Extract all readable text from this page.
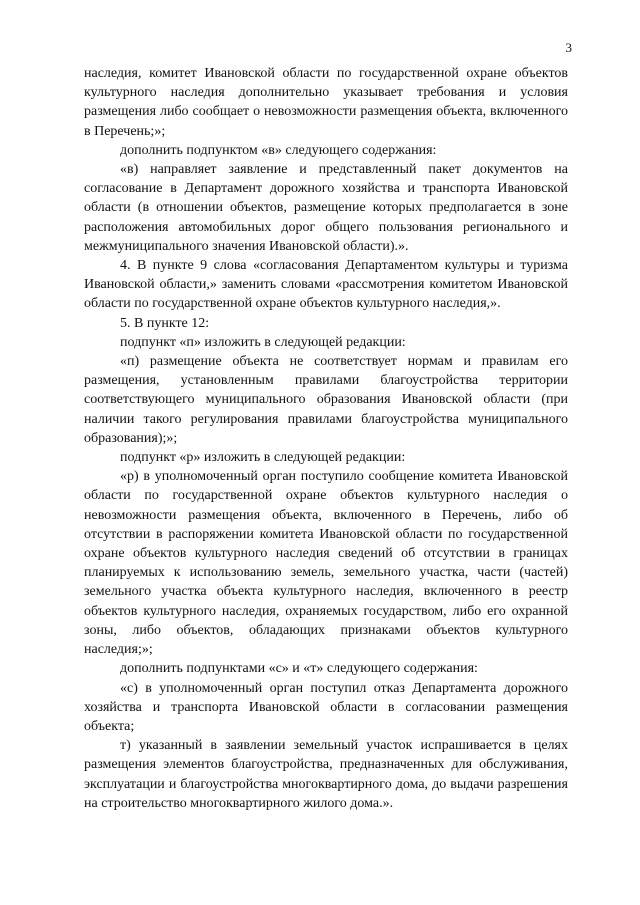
3

наследия, комитет Ивановской области по государственной охране объектов культурного наследия дополнительно указывает требования и условия размещения либо сообщает о невозможности размещения объекта, включенного в Перечень;»;

дополнить подпунктом «в» следующего содержания:

«в) направляет заявление и представленный пакет документов на согласование в Департамент дорожного хозяйства и транспорта Ивановской области (в отношении объектов, размещение которых предполагается в зоне расположения автомобильных дорог общего пользования регионального и межмуниципального значения Ивановской области).».

4. В пункте 9 слова «согласования Департаментом культуры и туризма Ивановской области,» заменить словами «рассмотрения комитетом Ивановской области по государственной охране объектов культурного наследия,».

5. В пункте 12:

подпункт «п» изложить в следующей редакции:

«п) размещение объекта не соответствует нормам и правилам его размещения, установленным правилами благоустройства территории соответствующего муниципального образования Ивановской области (при наличии такого регулирования правилами благоустройства муниципального образования);»;

подпункт «р» изложить в следующей редакции:

«р) в уполномоченный орган поступило сообщение комитета Ивановской области по государственной охране объектов культурного наследия о невозможности размещения объекта, включенного в Перечень, либо об отсутствии в распоряжении комитета Ивановской области по государственной охране объектов культурного наследия сведений об отсутствии в границах планируемых к использованию земель, земельного участка, части (частей) земельного участка объекта культурного наследия, включенного в реестр объектов культурного наследия, охраняемых государством, либо его охранной зоны, либо объектов, обладающих признаками объектов культурного наследия;»;

дополнить подпунктами «с» и «т» следующего содержания:

«с) в уполномоченный орган поступил отказ Департамента дорожного хозяйства и транспорта Ивановской области в согласовании размещения объекта;

т) указанный в заявлении земельный участок испрашивается в целях размещения элементов благоустройства, предназначенных для обслуживания, эксплуатации и благоустройства многоквартирного дома, до выдачи разрешения на строительство многоквартирного жилого дома.».
